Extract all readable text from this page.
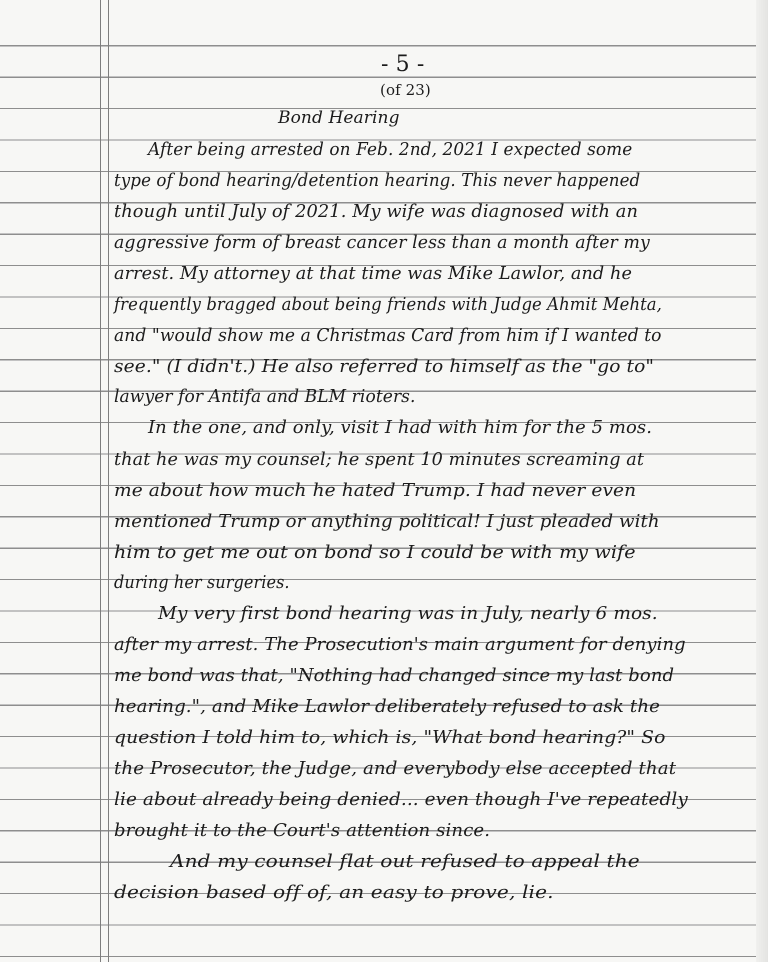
- 5 -
(of 23)
Bond Hearing
After being arrested on Feb. 2nd, 2021 I expected some
type of bond hearing/detention hearing. This never happened
though until July of 2021. My wife was diagnosed with an
aggressive form of breast cancer less than a month after my
arrest. My attorney at that time was Mike Lawlor, and he
frequently bragged about being friends with Judge Ahmit Mehta,
and "would show me a Christmas Card from him if I wanted to
see." (I didn't.) He also referred to himself as the "go to"
lawyer for Antifa and BLM rioters.
In the one, and only, visit I had with him for the 5 mos.
that he was my counsel; he spent 10 minutes screaming at
me about how much he hated Trump. I had never even
mentioned Trump or anything political! I just pleaded with
him to get me out on bond so I could be with my wife
during her surgeries.
My very first bond hearing was in July, nearly 6 mos.
after my arrest. The Prosecution's main argument for denying
me bond was that, "Nothing had changed since my last bond
hearing.", and Mike Lawlor deliberately refused to ask the
question I told him to, which is, "What bond hearing?" So
the Prosecutor, the Judge, and everybody else accepted that
lie about already being denied... even though I've repeatedly
brought it to the Court's attention since.
And my counsel flat out refused to appeal the
decision based off of, an easy to prove, lie.
